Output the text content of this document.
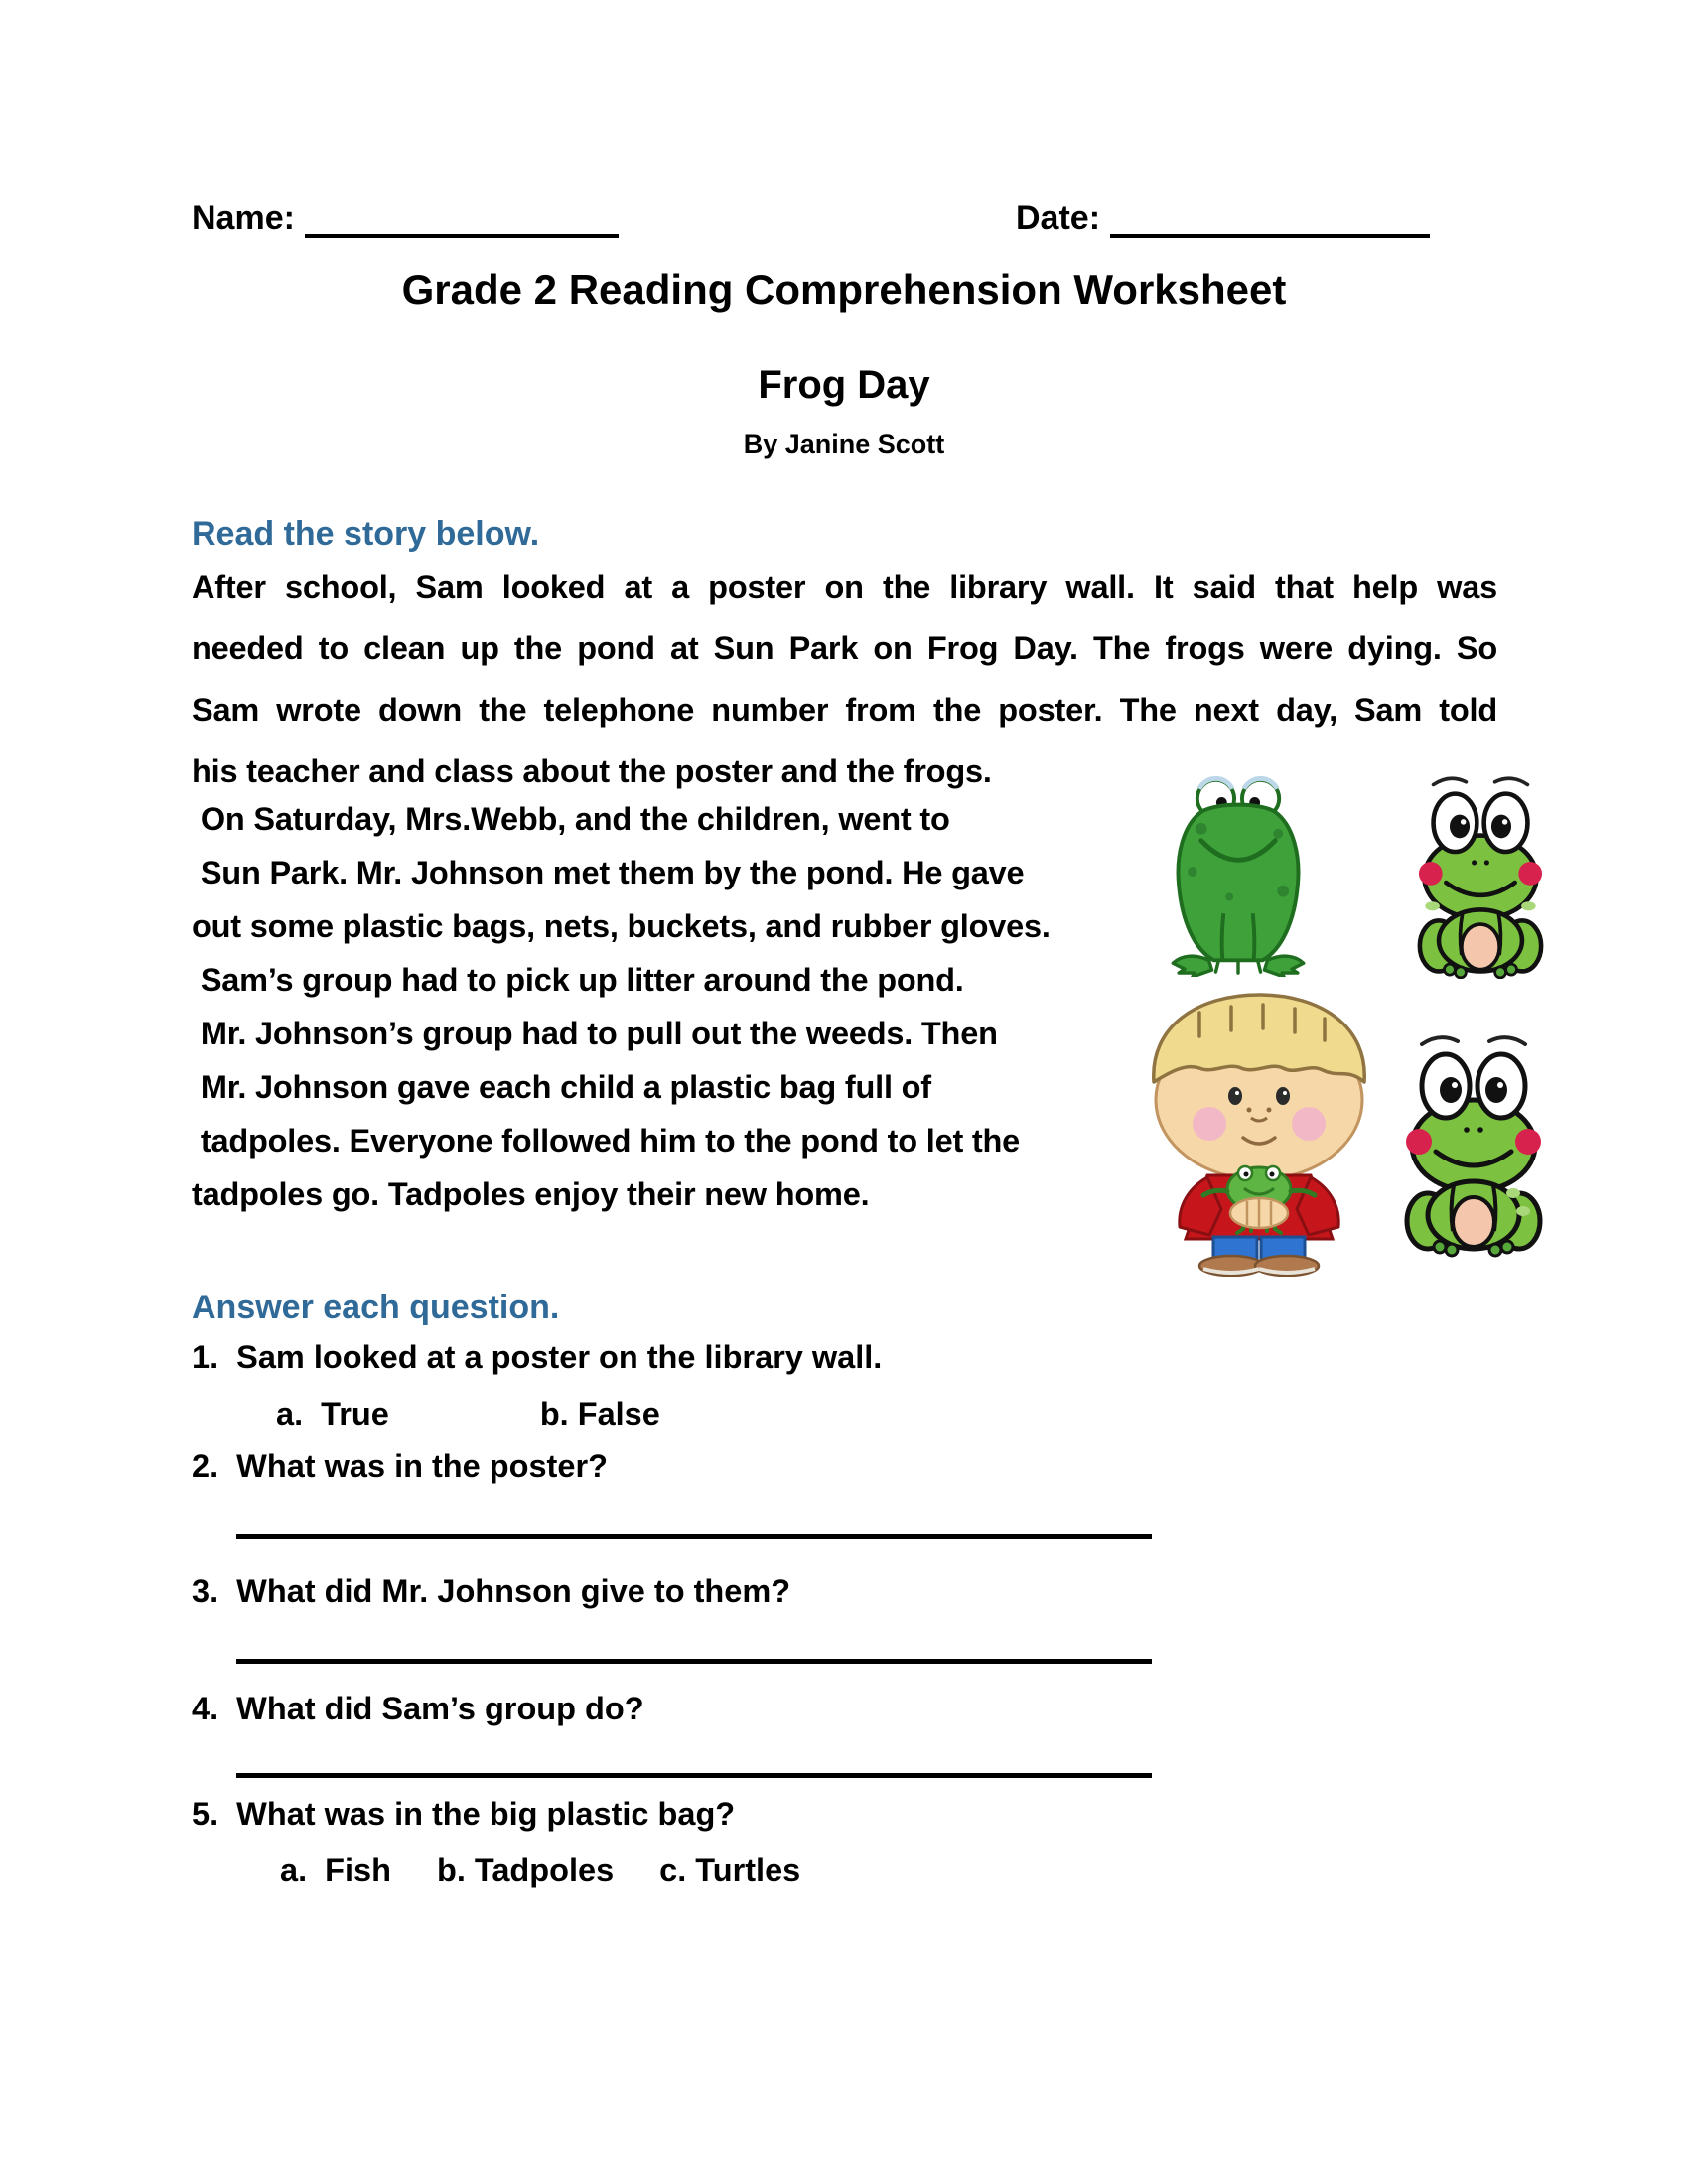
Name:	Date:
Grade 2 Reading Comprehension Worksheet
Frog Day
By Janine Scott
Read the story below.
After school, Sam looked at a poster on the library wall. It said that help was
needed to clean up the pond at Sun Park on Frog Day. The frogs were dying. So
Sam wrote down the telephone number from the poster. The next day, Sam told
his teacher and class about the poster and the frogs.
On Saturday, Mrs.Webb, and the children, went to
Sun Park. Mr. Johnson met them by the pond. He gave
out some plastic bags, nets, buckets, and rubber gloves.
Sam’s group had to pick up litter around the pond.
Mr. Johnson’s group had to pull out the weeds. Then
Mr. Johnson gave each child a plastic bag full of
tadpoles. Everyone followed him to the pond to let the
tadpoles go. Tadpoles enjoy their new home.
Answer each question.
1.  Sam looked at a poster on the library wall.
a.  True	b. False
2.  What was in the poster?
3.  What did Mr. Johnson give to them?
4.  What did Sam’s group do?
5.  What was in the big plastic bag?
a.  Fish b. Tadpoles c. Turtles
